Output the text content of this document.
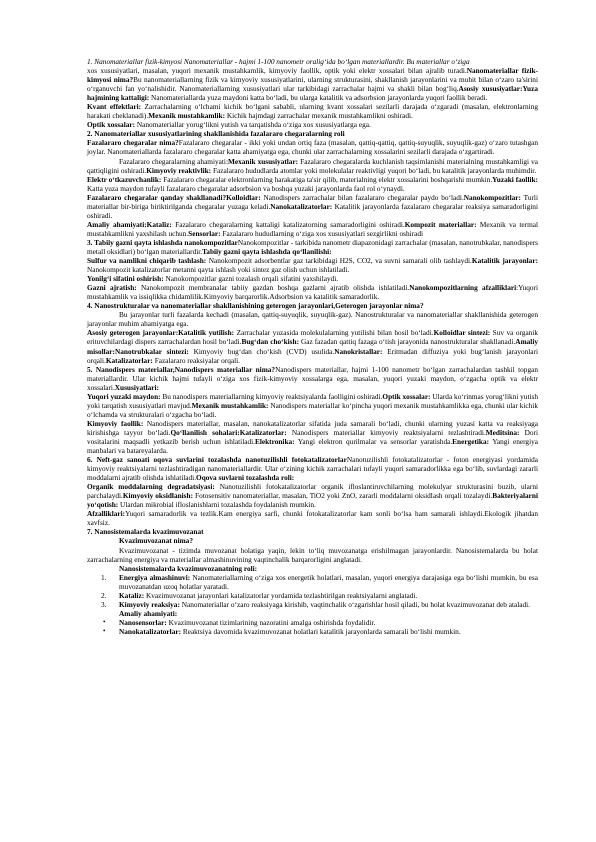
1. Nanomateriallar fizik-kimyosi Nanomateriallar - hajmi 1-100 nanometr oralig‘ida bo‘lgan materiallardir. Bu materiallar o‘ziga

xos xususiyatlari, masalan, yuqori mexanik mustahkamlik, kimyoviy faollik, optik yoki elektr xossalari bilan ajralib turadi.Nanomateriallar fizik-kimyosi nima?Bu nanomateriallarning fizik va kimyoviy xususiyatlarini, ularning strukturasini, shakllanish jarayonlarini va muhit bilan o‘zaro ta'sirini o‘rganuvchi fan yo‘nalishidir. Nanomateriallarning xususiyatlari ular tarkibidagi zarrachalar hajmi va shakli bilan bog‘liq.Asosiy xususiyatlar:Yuza hajmining kattaligi: Nanomateriallarda yuza maydoni katta bo‘ladi, bu ularga katalitik va adsorbsion jarayonlarda yuqori faollik beradi.

Kvant effektlari: Zarrachalarning o‘lchami kichik bo‘lgani sababli, ularning kvant xossalari sezilarli darajada o‘zgaradi (masalan, elektronlarning harakati cheklanadi).Mexanik mustahkamlik: Kichik hajmdagi zarrachalar mexanik mustahkamlikni oshiradi.

Optik xossalar: Nanomateriallar yorug‘likni yutish va tarqatishda o‘ziga xos xususiyatlarga ega.

2. Nanomateriallar xususiyatlarining shakllanishida fazalararo chegaralarning roli

Fazalararo chegaralar nima?Fazalararo chegaralar - ikki yoki undan ortiq faza (masalan, qattiq-qattiq, qattiq-suyuqlik, suyuqlik-gaz) o‘zaro tutashgan joylar. Nanomateriallarda fazalararo chegaralar katta ahamiyatga ega, chunki ular zarrachalarning xossalarini sezilarli darajada o‘zgartiradi.

Fazalararo chegaralarning ahamiyati:Mexanik xususiyatlar: Fazalararo chegaralarda kuchlanish taqsimlanishi materialning mustahkamligi va qattiqligini oshiradi.Kimyoviy reaktivlik: Fazalararo hududlarda atomlar yoki molekulalar reaktivligi yuqori bo‘ladi, bu katalitik jarayonlarda muhimdir.

Elektr o‘tkazuvchanlik: Fazalararo chegaralar elektronlarning harakatiga ta'sir qilib, materialning elektr xossalarini boshqarishi mumkin.Yuzaki faollik: Katta yuza maydon tufayli fazalararo chegaralar adsorbsion va boshqa yuzaki jarayonlarda faol rol o‘ynaydi.

Fazalararo chegaralar qanday shakllanadi?Kolloidlar: Nanodispers zarrachalar bilan fazalararo chegaralar paydo bo‘ladi.Nanokompozitlar: Turli materiallar bir-biriga biriktirilganda chegaralar yuzaga keladi.Nanokatalizatorlar: Katalitik jarayonlarda fazalararo chegaralar reaksiya samaradorligini oshiradi.

Amaliy ahamiyati:Kataliz: Fazalararo chegaralarning kattaligi katalizatorning samaradorligini oshiradi.Kompozit materiallar: Mexanik va termal mustahkamlikni yaxshilash uchun.Sensorlar: Fazalararo hududlarning o‘ziga xos xususiyatlari sezgirlikni oshiradi

3. Tabiiy gazni qayta ishlashda nanokompozitlarNanokompozitlar - tarkibida nanometr diapazonidagi zarrachalar (masalan, nanotrubkalar, nanodispers metall oksidlari) bo‘lgan materiallardir.Tabiiy gazni qayta ishlashda qo‘llanilishi:

Sulfur va namlikni chiqarib tashlash: Nanokompozit adsorbentlar gaz tarkibidagi H2S, CO2, va suvni samarali olib tashlaydi.Katalitik jarayonlar: Nanokompozit katalizatorlar metanni qayta ishlash yoki sintez gaz olish uchun ishlatiladi.

Yonilg‘i sifatini oshirish: Nanokompozitlar gazni tozalash orqali sifatini yaxshilaydi.

Gazni ajratish: Nanokompozit membranalar tabiiy gazdan boshqa gazlarni ajratib olishda ishlatiladi.Nanokompozitlarning afzalliklari:Yuqori mustahkamlik va issiqlikka chidamlilik.Kimyoviy barqarorlik.Adsorbsion va katalitik samaradorlik.

4. Nanostrukturalar va nanomateriallar shakllanishining geterogen jarayonlari,Geterogen jarayonlar nima?

Bu jarayonlar turli fazalarda kechadi (masalan, qattiq-suyuqlik, suyuqlik-gaz). Nanostrukturalar va nanomateriallar shakllanishida geterogen jarayonlar muhim ahamiyatga ega.

Asosiy geterogen jarayonlar:Katalitik yutilish: Zarrachalar yuzasida molekulalarning yutilishi bilan hosil bo‘ladi.Kolloidlar sintezi: Suv va organik erituvchilardagi dispers zarrachalardan hosil bo‘ladi.Bug‘dan cho‘kish: Gaz fazadan qattiq fazaga o‘tish jarayonida nanostrukturalar shakllanadi.Amaliy misollar:Nanotrubkalar sintezi: Kimyoviy bug‘dan cho‘kish (CVD) usulida.Nanokristallar: Eritmadan diffuziya yoki bug‘lanish jarayonlari orqali.Katalizatorlar: Fazalararo reaksiyalar orqali.

5. Nanodispers materiallar,Nanodispers materiallar nima?Nanodispers materiallar, hajmi 1-100 nanometr bo‘lgan zarrachalardan tashkil topgan materiallardir. Ular kichik hajmi tufayli o‘ziga xos fizik-kimyoviy xossalarga ega, masalan, yuqori yuzaki maydon, o‘zgacha optik va elektr xossalari.Xususiyatlari:

Yuqori yuzaki maydon: Bu nanodispers materiallarning kimyoviy reaktsiyalarda faolligini oshiradi.Optik xossalar: Ularda ko‘rinmas yorug‘likni yutish yoki tarqatish xususiyatlari mavjud.Mexanik mustahkamlik: Nanodispers materiallar ko‘pincha yuqori mexanik mustahkamlikka ega, chunki ular kichik o‘lchamda va strukturalari o‘zgacha bo‘ladi.

Kimyoviy faollik: Nanodispers materiallar, masalan, nanokatalizatorlar sifatida juda samarali bo‘ladi, chunki ularning yuzasi katta va reaksiyaga kirishishga tayyor bo‘ladi.Qo‘llanilish sohalari:Katalizatorlar: Nanodispers materiallar kimyoviy reaktsiyalarni tezlashtiradi.Meditsina: Dori vositalarini maqsadli yetkazib berish uchun ishlatiladi.Elektronika: Yangi elektron qurilmalar va sensorlar yaratishda.Energetika: Yangi energiya manbalari va batareyalarda.

6. Neft-gaz sanoati oqova suvlarini tozalashda nanotuzilishli fotokatalizatorlarNanotuzilishli fotokatalizatorlar - foton energiyasi yordamida kimyoviy reaktsiyalarni tezlashtiradigan nanomateriallardir. Ular o‘zining kichik zarrachalari tufayli yuqori samaradorlikka ega bo‘lib, suvlardagi zararli moddalarni ajratib olishda ishlatiladi.Oqova suvlarni tozalashda roli:

Organik moddalarning degradatsiyasi: Nanotuzilishli fotokatalizatorlar organik ifloslantiruvchilarning molekulyar strukturasini buzib, ularni parchalaydi.Kimyoviy oksidlanish: Fotosensitiv nanomateriallar, masalan, TiO2 yoki ZnO, zararli moddalarni oksidlash orqali tozalaydi.Bakteriyalarni yo‘qotish: Ulardan mikrobial ifloslanishlarni tozalashda foydalanish mumkin.

Afzalliklari:Yuqori samaradorlik va tezlik.Kam energiya sarfi, chunki fotokatalizatorlar kam sonli bo‘lsa ham samarali ishlaydi.Ekologik jihatdan xavfsiz.

7. Nanosistemalarda kvazimuvozanat

Kvazimuvozanat nima?

Kvazimuvozanat - tizimda muvozanat holatiga yaqin, lekin to‘liq muvozanatga erishilmagan jarayonlardir. Nanosistemalarda bu holat zarrachalarning energiya va materiallar almashinuvining vaqtinchalik barqarorligini anglatadi.

Nanosistemalarda kvazimuvozanatning roli:

1. Energiya almashinuvi: Nanomateriallarning o‘ziga xos energetik holatlari, masalan, yuqori energiya darajasiga ega bo‘lishi mumkin, bu esa muvozanatdan uzoq holatlar yaratadi.
2. Kataliz: Kvazimuvozanat jarayonlari katalizatorlar yordamida tezlashtirilgan reaktsiyalarni anglatadi.
3. Kimyoviy reaksiya: Nanomateriallar o‘zaro reaksiyaga kirishib, vaqtinchalik o‘zgarishlar hosil qiladi, bu holat kvazimuvozanat deb ataladi.

Amaliy ahamiyati:

• Nanosensorlar: Kvazimuvozanat tizimlarining nazoratini amalga oshirishda foydalidir.
• Nanokatalizatorlar: Reaktsiya davomida kvazimuvozanat holatlari katalitik jarayonlarda samarali bo‘lishi mumkin.
